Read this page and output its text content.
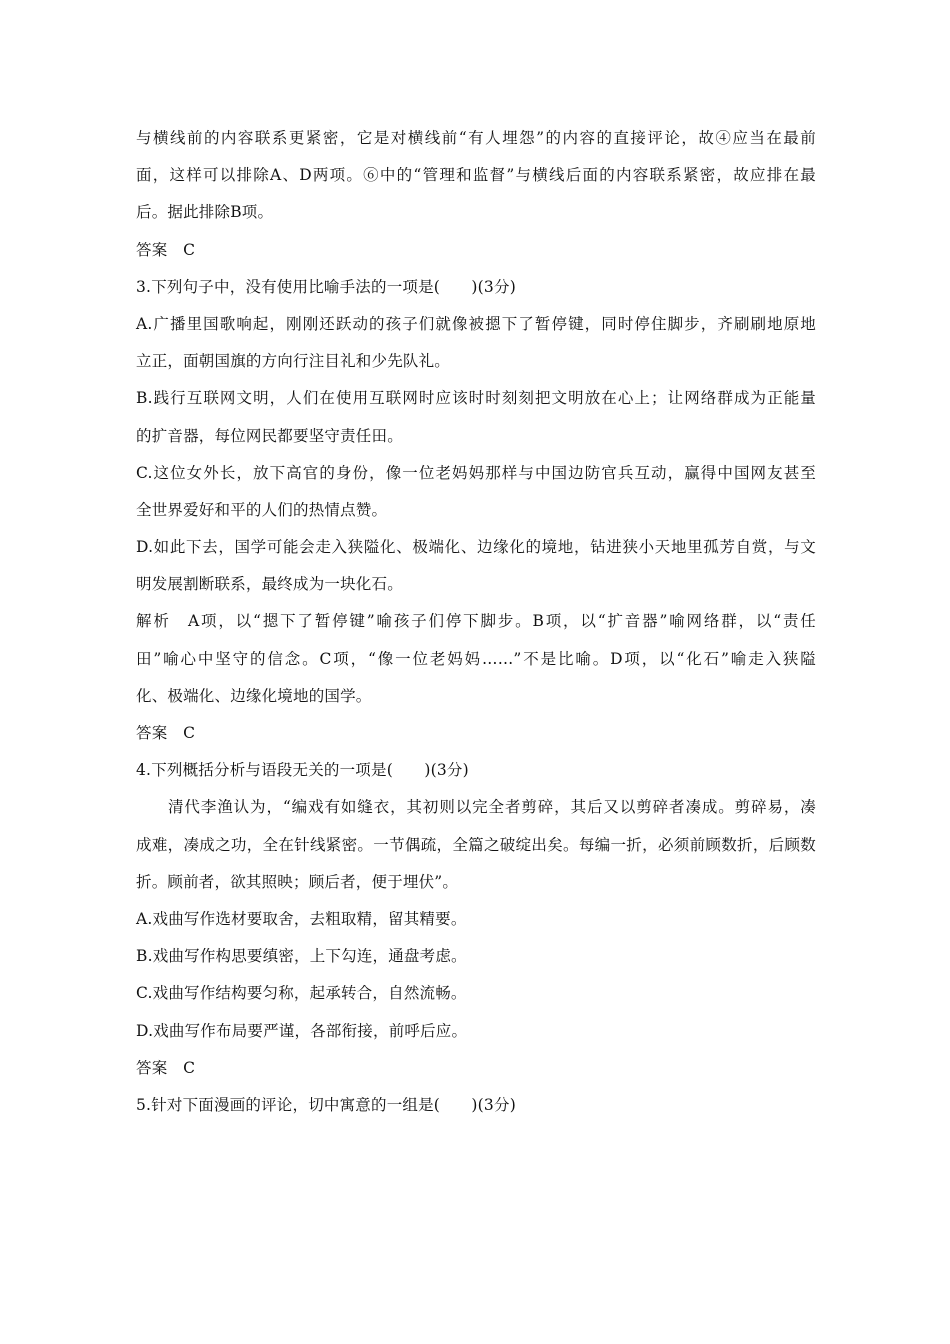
与横线前的内容联系更紧密，它是对横线前“有人埋怨”的内容的直接评论，故④应当在最前
面，这样可以排除A、D两项。⑥中的“管理和监督”与横线后面的内容联系紧密，故应排在最
后。据此排除B项。
答案　C
3.下列句子中，没有使用比喻手法的一项是(　　)(3分)
A.广播里国歌响起，刚刚还跃动的孩子们就像被摁下了暂停键，同时停住脚步，齐刷刷地原地
立正，面朝国旗的方向行注目礼和少先队礼。
B.践行互联网文明，人们在使用互联网时应该时时刻刻把文明放在心上；让网络群成为正能量
的扩音器，每位网民都要坚守责任田。
C.这位女外长，放下高官的身份，像一位老妈妈那样与中国边防官兵互动，赢得中国网友甚至
全世界爱好和平的人们的热情点赞。
D.如此下去，国学可能会走入狭隘化、极端化、边缘化的境地，钻进狭小天地里孤芳自赏，与文
明发展割断联系，最终成为一块化石。
解析　A项，以“摁下了暂停键”喻孩子们停下脚步。B项，以“扩音器”喻网络群，以“责任
田”喻心中坚守的信念。C项，“像一位老妈妈……”不是比喻。D项，以“化石”喻走入狭隘
化、极端化、边缘化境地的国学。
答案　C
4.下列概括分析与语段无关的一项是(　　)(3分)
清代李渔认为，“编戏有如缝衣，其初则以完全者剪碎，其后又以剪碎者凑成。剪碎易，凑
成难，凑成之功，全在针线紧密。一节偶疏，全篇之破绽出矣。每编一折，必须前顾数折，后顾数
折。顾前者，欲其照映；顾后者，便于埋伏”。
A.戏曲写作选材要取舍，去粗取精，留其精要。
B.戏曲写作构思要缜密，上下勾连，通盘考虑。
C.戏曲写作结构要匀称，起承转合，自然流畅。
D.戏曲写作布局要严谨，各部衔接，前呼后应。
答案　C
5.针对下面漫画的评论，切中寓意的一组是(　　)(3分)
